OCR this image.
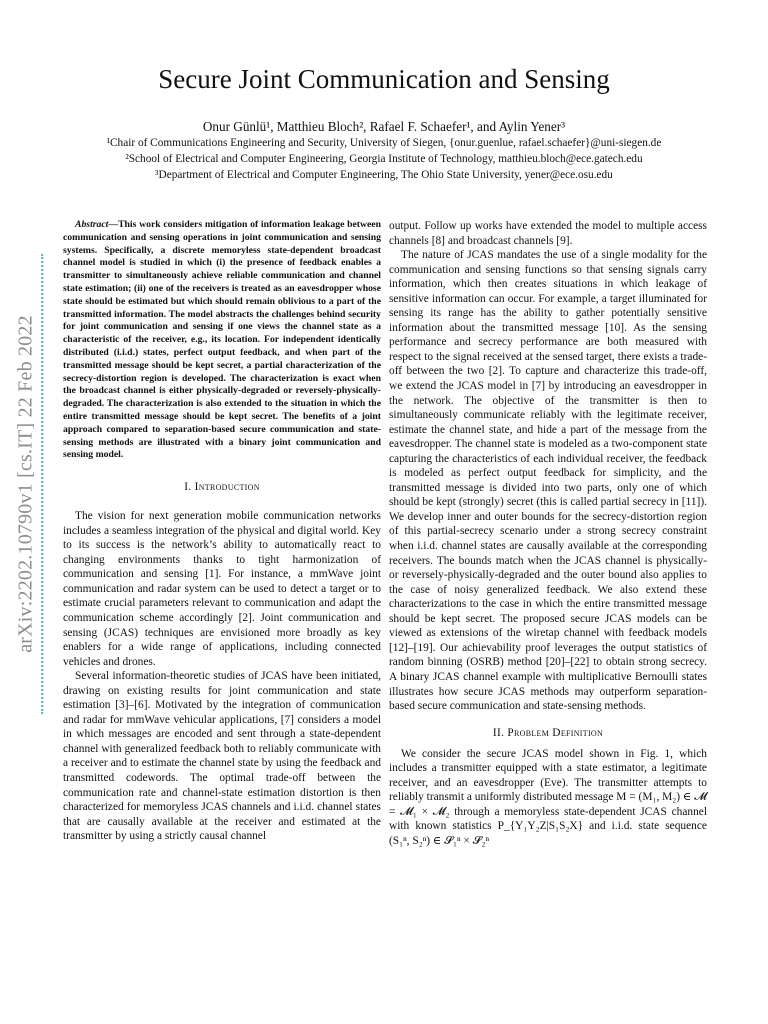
Secure Joint Communication and Sensing
Onur Günlü¹, Matthieu Bloch², Rafael F. Schaefer¹, and Aylin Yener³
¹Chair of Communications Engineering and Security, University of Siegen, {onur.guenlue, rafael.schaefer}@uni-siegen.de
²School of Electrical and Computer Engineering, Georgia Institute of Technology, matthieu.bloch@ece.gatech.edu
³Department of Electrical and Computer Engineering, The Ohio State University, yener@ece.osu.edu
arXiv:2202.10790v1 [cs.IT] 22 Feb 2022

Abstract—This work considers mitigation of information leakage between communication and sensing operations in joint communication and sensing systems. Specifically, a discrete memoryless state-dependent broadcast channel model is studied in which (i) the presence of feedback enables a transmitter to simultaneously achieve reliable communication and channel state estimation; (ii) one of the receivers is treated as an eavesdropper whose state should be estimated but which should remain oblivious to a part of the transmitted information. The model abstracts the challenges behind security for joint communication and sensing if one views the channel state as a characteristic of the receiver, e.g., its location. For independent identically distributed (i.i.d.) states, perfect output feedback, and when part of the transmitted message should be kept secret, a partial characterization of the secrecy-distortion region is developed. The characterization is exact when the broadcast channel is either physically-degraded or reversely-physically-degraded. The characterization is also extended to the situation in which the entire transmitted message should be kept secret. The benefits of a joint approach compared to separation-based secure communication and state-sensing methods are illustrated with a binary joint communication and sensing model.

I. Introduction

The vision for next generation mobile communication networks includes a seamless integration of the physical and digital world. Key to its success is the network’s ability to automatically react to changing environments thanks to tight harmonization of communication and sensing [1]. For instance, a mmWave joint communication and radar system can be used to detect a target or to estimate crucial parameters relevant to communication and adapt the communication scheme accordingly [2]. Joint communication and sensing (JCAS) techniques are envisioned more broadly as key enablers for a wide range of applications, including connected vehicles and drones.

Several information-theoretic studies of JCAS have been initiated, drawing on existing results for joint communication and state estimation [3]–[6]. Motivated by the integration of communication and radar for mmWave vehicular applications, [7] considers a model in which messages are encoded and sent through a state-dependent channel with generalized feedback both to reliably communicate with a receiver and to estimate the channel state by using the feedback and transmitted codewords. The optimal trade-off between the communication rate and channel-state estimation distortion is then characterized for memoryless JCAS channels and i.i.d. channel states that are causally available at the receiver and estimated at the transmitter by using a strictly causal channel

output. Follow up works have extended the model to multiple access channels [8] and broadcast channels [9].

The nature of JCAS mandates the use of a single modality for the communication and sensing functions so that sensing signals carry information, which then creates situations in which leakage of sensitive information can occur. For example, a target illuminated for sensing its range has the ability to gather potentially sensitive information about the transmitted message [10]. As the sensing performance and secrecy performance are both measured with respect to the signal received at the sensed target, there exists a trade-off between the two [2]. To capture and characterize this trade-off, we extend the JCAS model in [7] by introducing an eavesdropper in the network. The objective of the transmitter is then to simultaneously communicate reliably with the legitimate receiver, estimate the channel state, and hide a part of the message from the eavesdropper. The channel state is modeled as a two-component state capturing the characteristics of each individual receiver, the feedback is modeled as perfect output feedback for simplicity, and the transmitted message is divided into two parts, only one of which should be kept (strongly) secret (this is called partial secrecy in [11]). We develop inner and outer bounds for the secrecy-distortion region of this partial-secrecy scenario under a strong secrecy constraint when i.i.d. channel states are causally available at the corresponding receivers. The bounds match when the JCAS channel is physically- or reversely-physically-degraded and the outer bound also applies to the case of noisy generalized feedback. We also extend these characterizations to the case in which the entire transmitted message should be kept secret. The proposed secure JCAS models can be viewed as extensions of the wiretap channel with feedback models [12]–[19]. Our achievability proof leverages the output statistics of random binning (OSRB) method [20]–[22] to obtain strong secrecy. A binary JCAS channel example with multiplicative Bernoulli states illustrates how secure JCAS methods may outperform separation-based secure communication and state-sensing methods.

II. Problem Definition

We consider the secure JCAS model shown in Fig. 1, which includes a transmitter equipped with a state estimator, a legitimate receiver, and an eavesdropper (Eve). The transmitter attempts to reliably transmit a uniformly distributed message M = (M₁, M₂) ∈ 𝓜 = 𝓜₁ × 𝓜₂ through a memoryless state-dependent JCAS channel with known statistics P_{Y₁Y₂Z|S₁S₂X} and i.i.d. state sequence (S₁ⁿ, S₂ⁿ) ∈ 𝓢₁ⁿ × 𝓢₂ⁿ
